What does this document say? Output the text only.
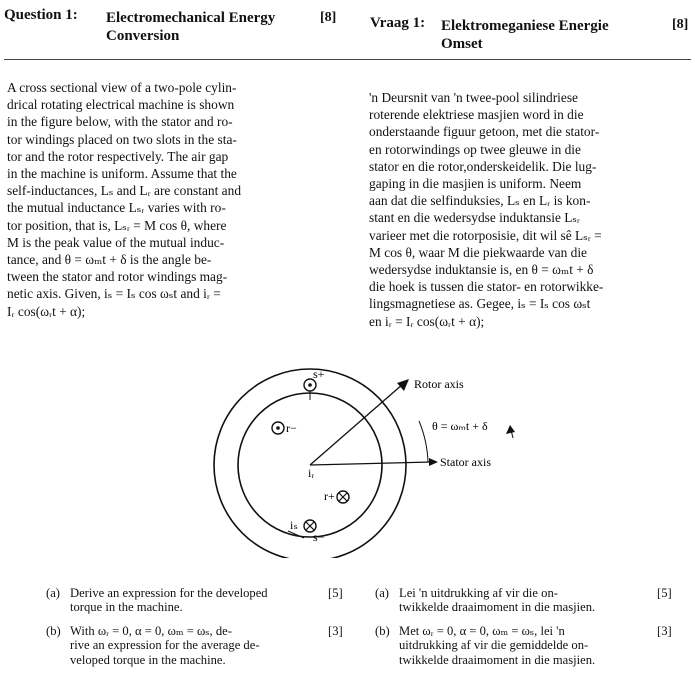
Question 1: Electromechanical Energy
Conversion
[8] Vraag 1: Elektromeganiese Energie
Omset
[8]
A cross sectional view of a two-pole cylin-
drical rotating electrical machine is shown
in the figure below, with the stator and ro-
tor windings placed on two slots in the sta-
tor and the rotor respectively. The air gap
in the machine is uniform. Assume that the
self-inductances, Lₛ and Lᵣ are constant and
the mutual inductance Lₛᵣ varies with ro-
tor position, that is, Lₛᵣ = M cos θ, where
M is the peak value of the mutual induc-
tance, and θ = ωₘt + δ is the angle be-
tween the stator and rotor windings mag-
netic axis. Given, iₛ = Iₛ cos ωₛt and iᵣ =
Iᵣ cos(ωᵣt + α);
'n Deursnit van 'n twee-pool silindriese
roterende elektriese masjien word in die
onderstaande figuur getoon, met die stator-
en rotorwindings op twee gleuwe in die
stator en die rotor,onderskeidelik. Die lug-
gaping in die masjien is uniform. Neem
aan dat die selfinduksies, Lₛ en Lᵣ is kon-
stant en die wedersydse induktansie Lₛᵣ
varieer met die rotorposisie, dit wil sê Lₛᵣ =
M cos θ, waar M die piekwaarde van die
wedersydse induktansie is, en θ = ωₘt + δ
die hoek is tussen die stator- en rotorwikke-
lingsmagnetiese as. Gegee, iₛ = Iₛ cos ωₛt
en iᵣ = Iᵣ cos(ωᵣt + α);
s+
r−
iᵣ
r+
iₛ
s−
Rotor axis
Stator axis
θ = ωₘt + δ
(a) Derive an expression for the developed
torque in the machine.
[5]
(b) With ωᵣ = 0, α = 0, ωₘ = ωₛ, de-
rive an expression for the average de-
veloped torque in the machine.
[3]
(a) Lei 'n uitdrukking af vir die on-
twikkelde draaimoment in die masjien.
[5]
(b) Met ωᵣ = 0, α = 0, ωₘ = ωₛ, lei 'n
uitdrukking af vir die gemiddelde on-
twikkelde draaimoment in die masjien.
[3]
